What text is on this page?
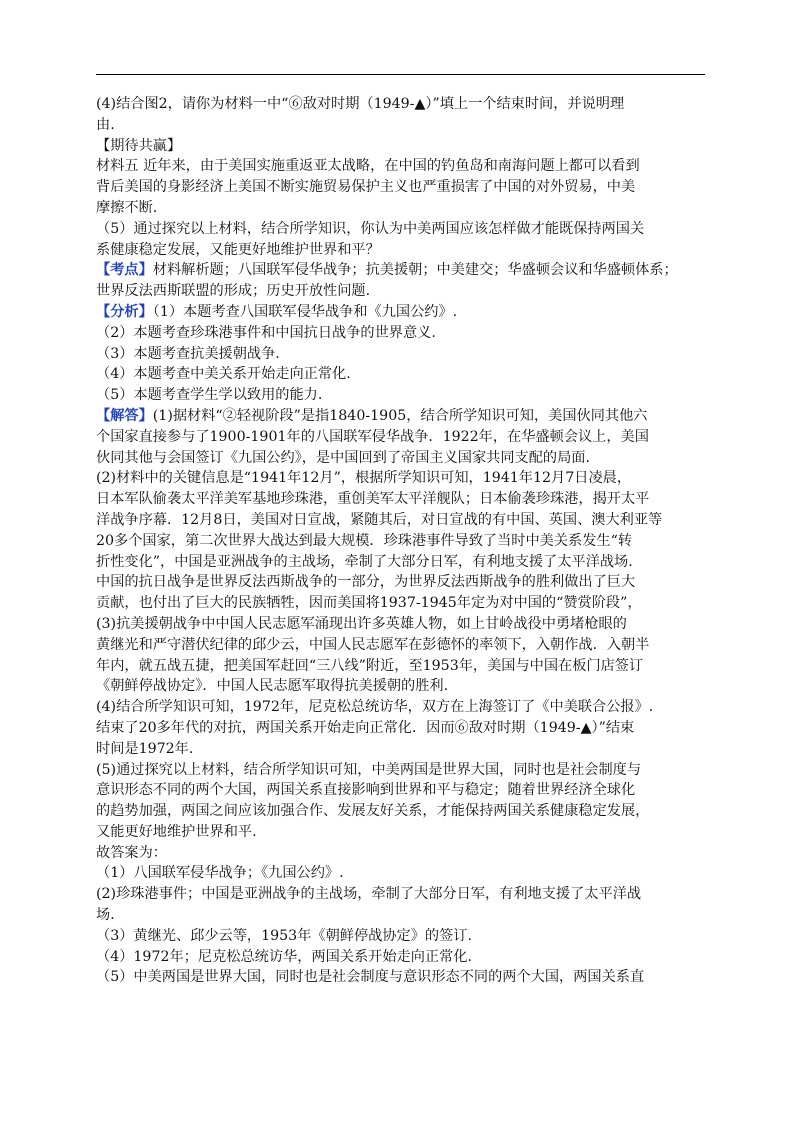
(4)结合图2，请你为材料一中“⑥敌对时期（1949-▲）”填上一个结束时间，并说明理
由.
【期待共赢】
材料五 近年来，由于美国实施重返亚太战略，在中国的钓鱼岛和南海问题上都可以看到
背后美国的身影经济上美国不断实施贸易保护主义也严重损害了中国的对外贸易，中美
摩擦不断.
（5）通过探究以上材料，结合所学知识，你认为中美两国应该怎样做才能既保持两国关
系健康稳定发展，又能更好地维护世界和平？
【考点】材料解析题；八国联军侵华战争；抗美援朝；中美建交；华盛顿会议和华盛顿体系；
世界反法西斯联盟的形成；历史开放性问题.
【分析】（1）本题考查八国联军侵华战争和《九国公约》.
（2）本题考查珍珠港事件和中国抗日战争的世界意义.
（3）本题考查抗美援朝战争.
（4）本题考查中美关系开始走向正常化.
（5）本题考查学生学以致用的能力.
【解答】(1)据材料“②轻视阶段”是指1840-1905，结合所学知识可知，美国伙同其他六
个国家直接参与了1900-1901年的八国联军侵华战争．1922年，在华盛顿会议上，美国
伙同其他与会国签订《九国公约》，是中国回到了帝国主义国家共同支配的局面.
(2)材料中的关键信息是“1941年12月”，根据所学知识可知，1941年12月7日凌晨，
日本军队偷袭太平洋美军基地珍珠港，重创美军太平洋舰队；日本偷袭珍珠港，揭开太平
洋战争序幕．12月8日，美国对日宣战，紧随其后，对日宣战的有中国、英国、澳大利亚等
20多个国家，第二次世界大战达到最大规模．珍珠港事件导致了当时中美关系发生“转
折性变化”，中国是亚洲战争的主战场，牵制了大部分日军，有利地支援了太平洋战场.
中国的抗日战争是世界反法西斯战争的一部分，为世界反法西斯战争的胜利做出了巨大
贡献，也付出了巨大的民族牺牲，因而美国将1937-1945年定为对中国的“赞赏阶段”，
(3)抗美援朝战争中中国人民志愿军涌现出许多英雄人物，如上甘岭战役中勇堵枪眼的
黄继光和严守潜伏纪律的邱少云，中国人民志愿军在彭德怀的率领下，入朝作战．入朝半
年内，就五战五捷，把美国军赶回“三八线”附近，至1953年，美国与中国在板门店签订
《朝鲜停战协定》．中国人民志愿军取得抗美援朝的胜利.
(4)结合所学知识可知，1972年，尼克松总统访华，双方在上海签订了《中美联合公报》.
结束了20多年代的对抗，两国关系开始走向正常化．因而⑥敌对时期（1949-▲）”结束
时间是1972年.
(5)通过探究以上材料，结合所学知识可知，中美两国是世界大国，同时也是社会制度与
意识形态不同的两个大国，两国关系直接影响到世界和平与稳定；随着世界经济全球化
的趋势加强，两国之间应该加强合作、发展友好关系，才能保持两国关系健康稳定发展，
又能更好地维护世界和平.
故答案为：
（1）八国联军侵华战争；《九国公约》.
(2)珍珠港事件；中国是亚洲战争的主战场，牵制了大部分日军，有利地支援了太平洋战
场.
（3）黄继光、邱少云等，1953年《朝鲜停战协定》的签订.
（4）1972年；尼克松总统访华，两国关系开始走向正常化.
（5）中美两国是世界大国，同时也是社会制度与意识形态不同的两个大国，两国关系直
